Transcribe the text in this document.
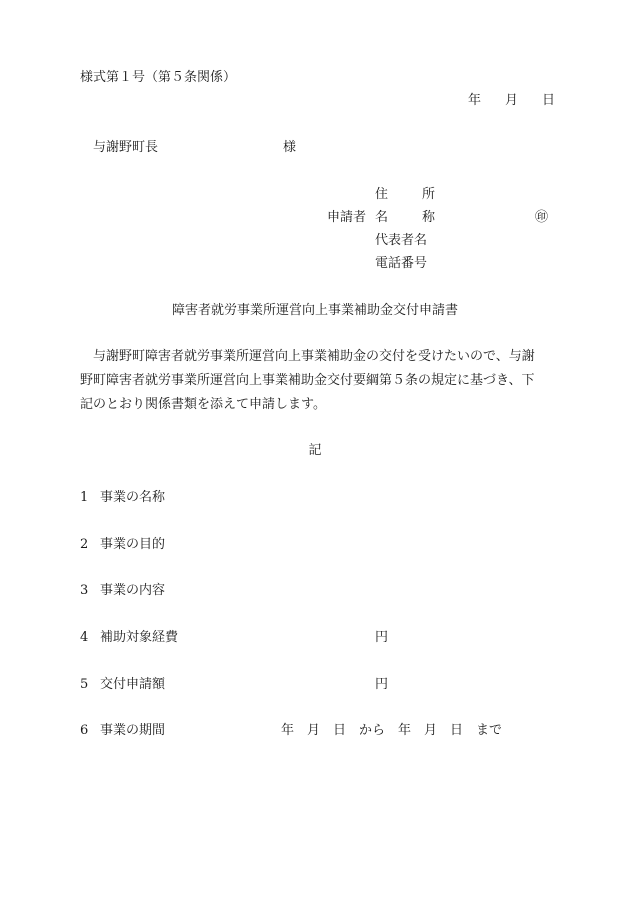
様式第１号（第５条関係）
年 月 日
与謝野町長	様
住	所
申請者 名	称	㊞
代表者名
電話番号
障害者就労事業所運営向上事業補助金交付申請書
　与謝野町障害者就労事業所運営向上事業補助金の交付を受けたいので、与謝
野町障害者就労事業所運営向上事業補助金交付要綱第５条の規定に基づき、下
記のとおり関係書類を添えて申請します。
記
1 事業の名称
2 事業の目的
3 事業の内容
4 補助対象経費	円
5 交付申請額	円
6 事業の期間	年　月　日　から　年　月　日　まで
